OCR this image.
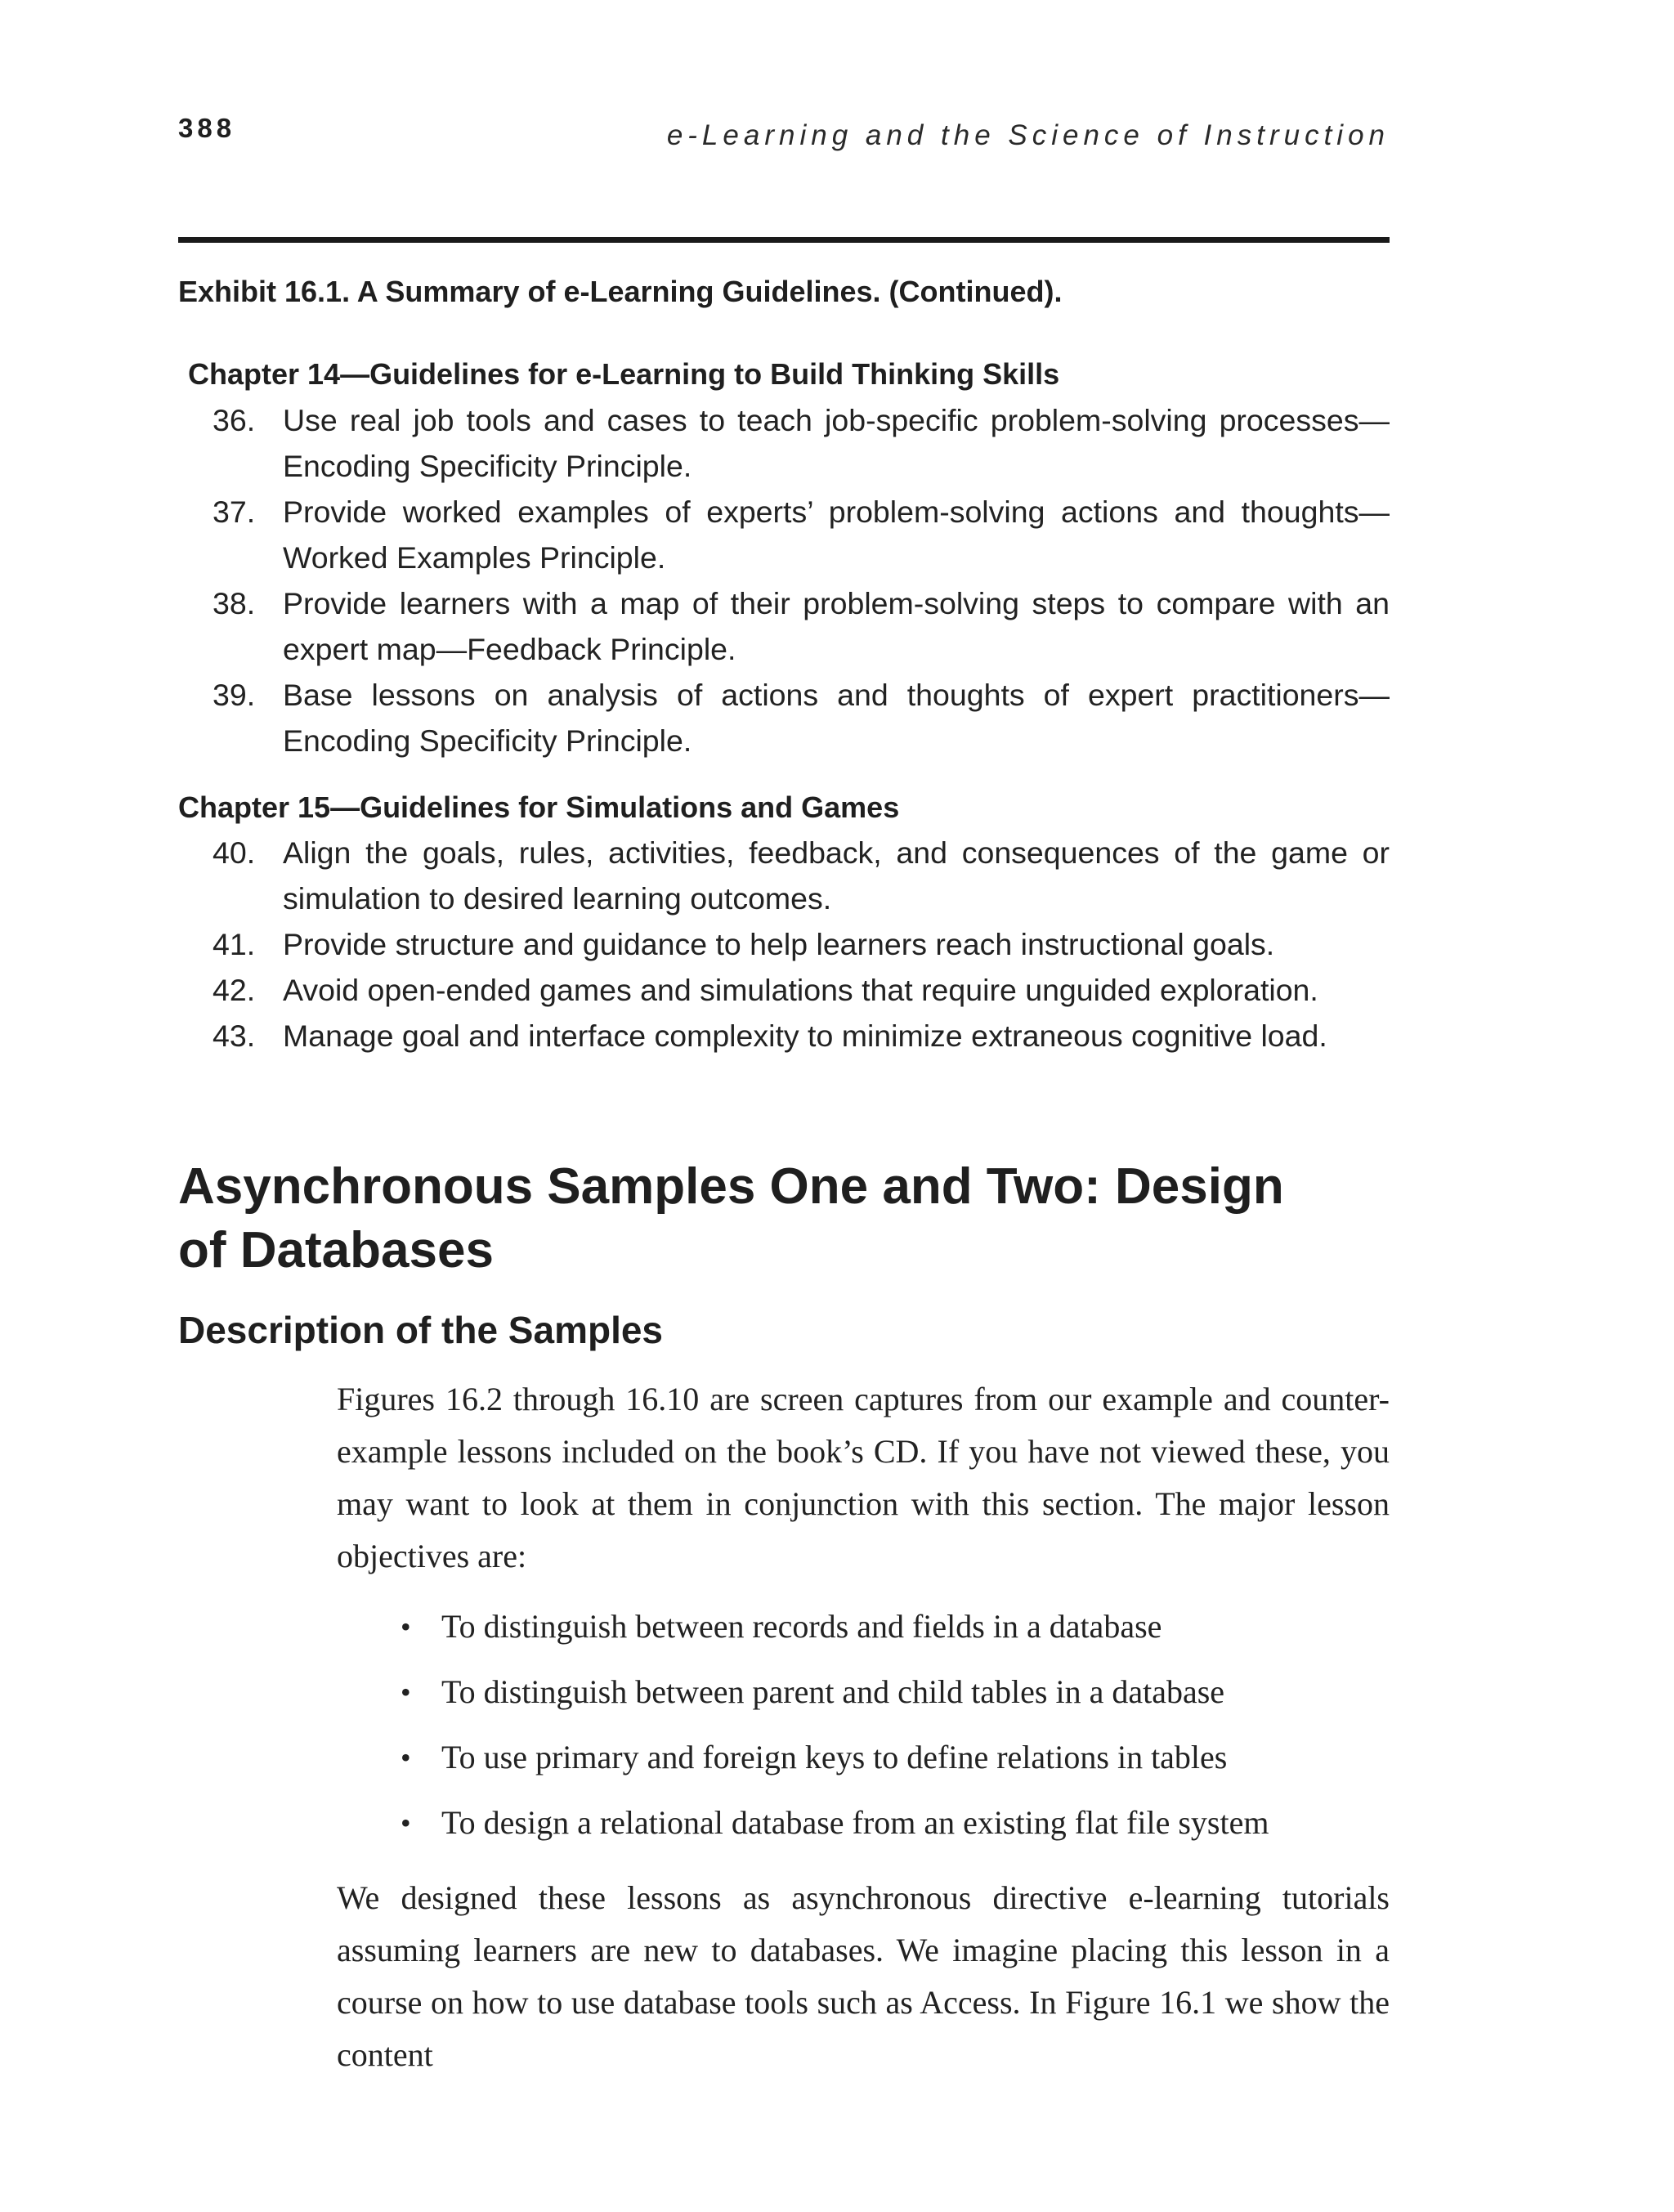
388	e-Learning and the Science of Instruction
Exhibit 16.1. A Summary of e-Learning Guidelines. (Continued).
Chapter 14—Guidelines for e-Learning to Build Thinking Skills
36. Use real job tools and cases to teach job-specific problem-solving processes—Encoding Specificity Principle.
37. Provide worked examples of experts’ problem-solving actions and thoughts—Worked Examples Principle.
38. Provide learners with a map of their problem-solving steps to compare with an expert map—Feedback Principle.
39. Base lessons on analysis of actions and thoughts of expert practitioners—Encoding Specificity Principle.
Chapter 15—Guidelines for Simulations and Games
40. Align the goals, rules, activities, feedback, and consequences of the game or simulation to desired learning outcomes.
41. Provide structure and guidance to help learners reach instructional goals.
42. Avoid open-ended games and simulations that require unguided exploration.
43. Manage goal and interface complexity to minimize extraneous cognitive load.
Asynchronous Samples One and Two: Design
of Databases
Description of the Samples

Figures 16.2 through 16.10 are screen captures from our example and counter-example lessons included on the book’s CD. If you have not viewed these, you may want to look at them in conjunction with this section. The major lesson objectives are:

• To distinguish between records and fields in a database
• To distinguish between parent and child tables in a database
• To use primary and foreign keys to define relations in tables
• To design a relational database from an existing flat file system

We designed these lessons as asynchronous directive e-learning tutorials assuming learners are new to databases. We imagine placing this lesson in a course on how to use database tools such as Access. In Figure 16.1 we show the content
